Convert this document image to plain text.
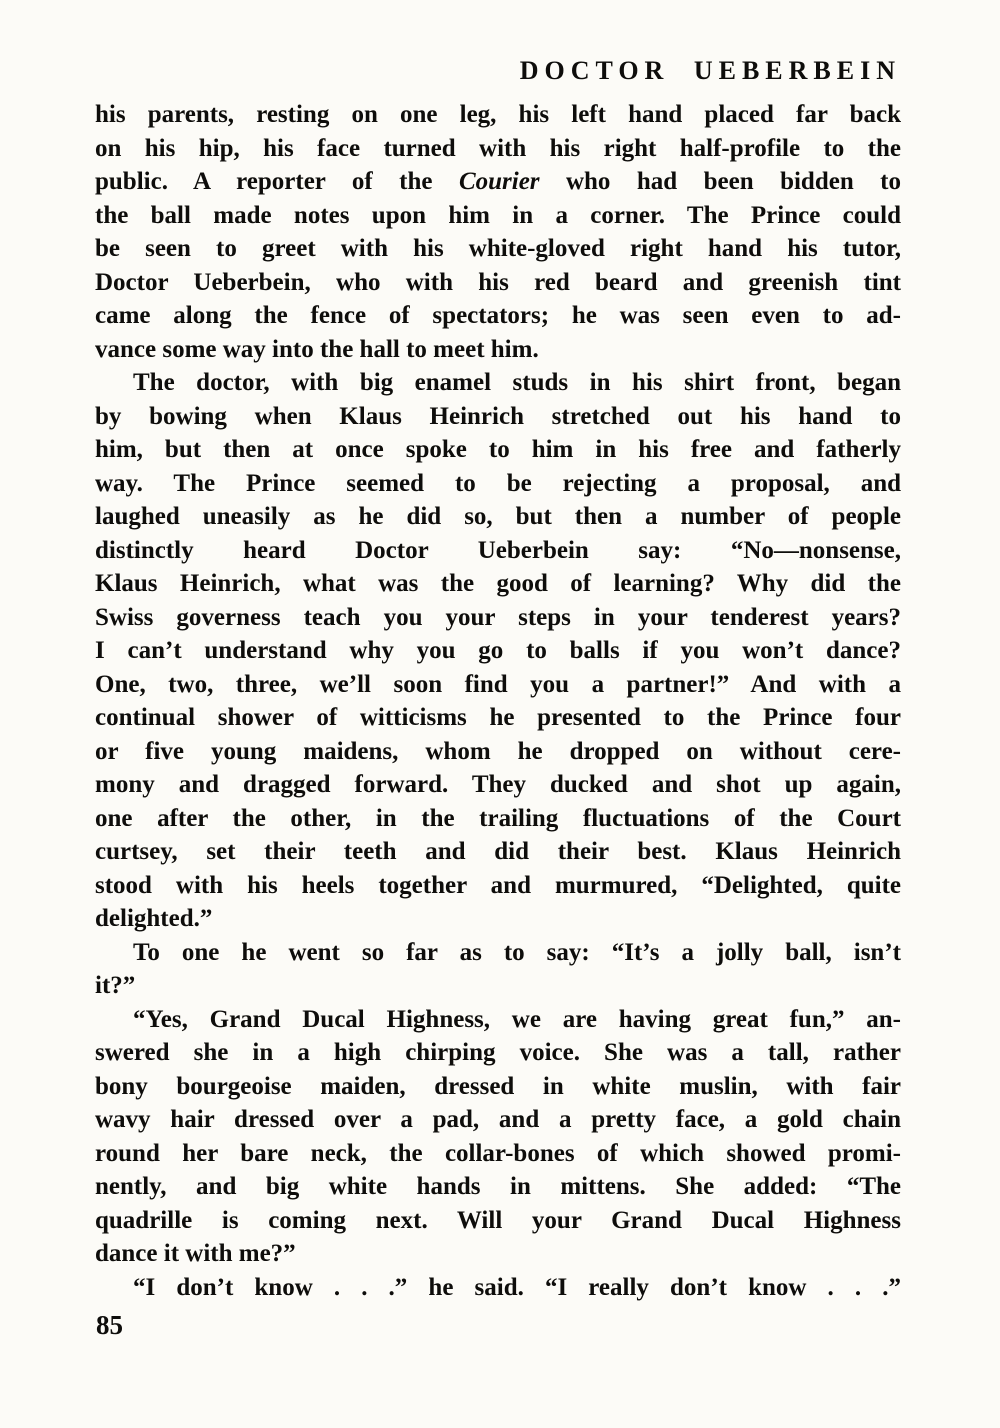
DOCTOR UEBERBEIN
his parents, resting on one leg, his left hand placed far back
on his hip, his face turned with his right half-profile to the
public. A reporter of the Courier who had been bidden to
the ball made notes upon him in a corner. The Prince could
be seen to greet with his white-gloved right hand his tutor,
Doctor Ueberbein, who with his red beard and greenish tint
came along the fence of spectators; he was seen even to ad-
vance some way into the hall to meet him.
The doctor, with big enamel studs in his shirt front, began
by bowing when Klaus Heinrich stretched out his hand to
him, but then at once spoke to him in his free and fatherly
way. The Prince seemed to be rejecting a proposal, and
laughed uneasily as he did so, but then a number of people
distinctly heard Doctor Ueberbein say: “No—nonsense,
Klaus Heinrich, what was the good of learning? Why did the
Swiss governess teach you your steps in your tenderest years?
I can’t understand why you go to balls if you won’t dance?
One, two, three, we’ll soon find you a partner!” And with a
continual shower of witticisms he presented to the Prince four
or five young maidens, whom he dropped on without cere-
mony and dragged forward. They ducked and shot up again,
one after the other, in the trailing fluctuations of the Court
curtsey, set their teeth and did their best. Klaus Heinrich
stood with his heels together and murmured, “Delighted, quite
delighted.”
To one he went so far as to say: “It’s a jolly ball, isn’t
it?”
“Yes, Grand Ducal Highness, we are having great fun,” an-
swered she in a high chirping voice. She was a tall, rather
bony bourgeoise maiden, dressed in white muslin, with fair
wavy hair dressed over a pad, and a pretty face, a gold chain
round her bare neck, the collar-bones of which showed promi-
nently, and big white hands in mittens. She added: “The
quadrille is coming next. Will your Grand Ducal Highness
dance it with me?”
“I don’t know . . .” he said. “I really don’t know . . .”
85
